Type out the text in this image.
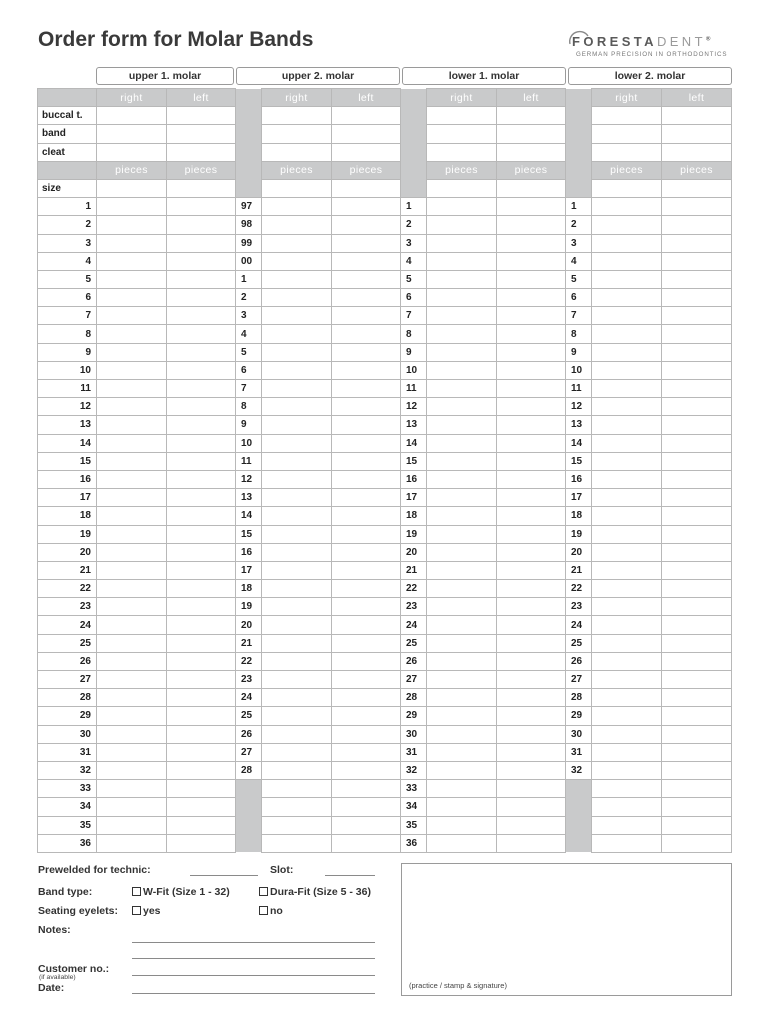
Order form for Molar Bands	FORESTADENT®
GERMAN PRECISION IN ORTHODONTICS
upper 1. molar	upper 2. molar	lower 1. molar	lower 2. molar
	right	left		right	left		right	left		right	left
buccal t.											
band											
cleat											
	pieces	pieces		pieces	pieces		pieces	pieces		pieces	pieces
size											
1			97			1			1		
2			98			2			2		
3			99			3			3		
4			00			4			4		
5			1			5			5		
6			2			6			6		
7			3			7			7		
8			4			8			8		
9			5			9			9		
10			6			10			10		
11			7			11			11		
12			8			12			12		
13			9			13			13		
14			10			14			14		
15			11			15			15		
16			12			16			16		
17			13			17			17		
18			14			18			18		
19			15			19			19		
20			16			20			20		
21			17			21			21		
22			18			22			22		
23			19			23			23		
24			20			24			24		
25			21			25			25		
26			22			26			26		
27			23			27			27		
28			24			28			28		
29			25			29			29		
30			26			30			30		
31			27			31			31		
32			28			32			32		
33						33					
34						34					
35						35					
36						36					
Prewelded for technic:	Slot:
Band type:	W-Fit (Size 1 - 32)	Dura-Fit (Size 5 - 36)
Seating eyelets:	yes	no
Notes:
Customer no.:
(if available)
Date:	(practice / stamp & signature)
